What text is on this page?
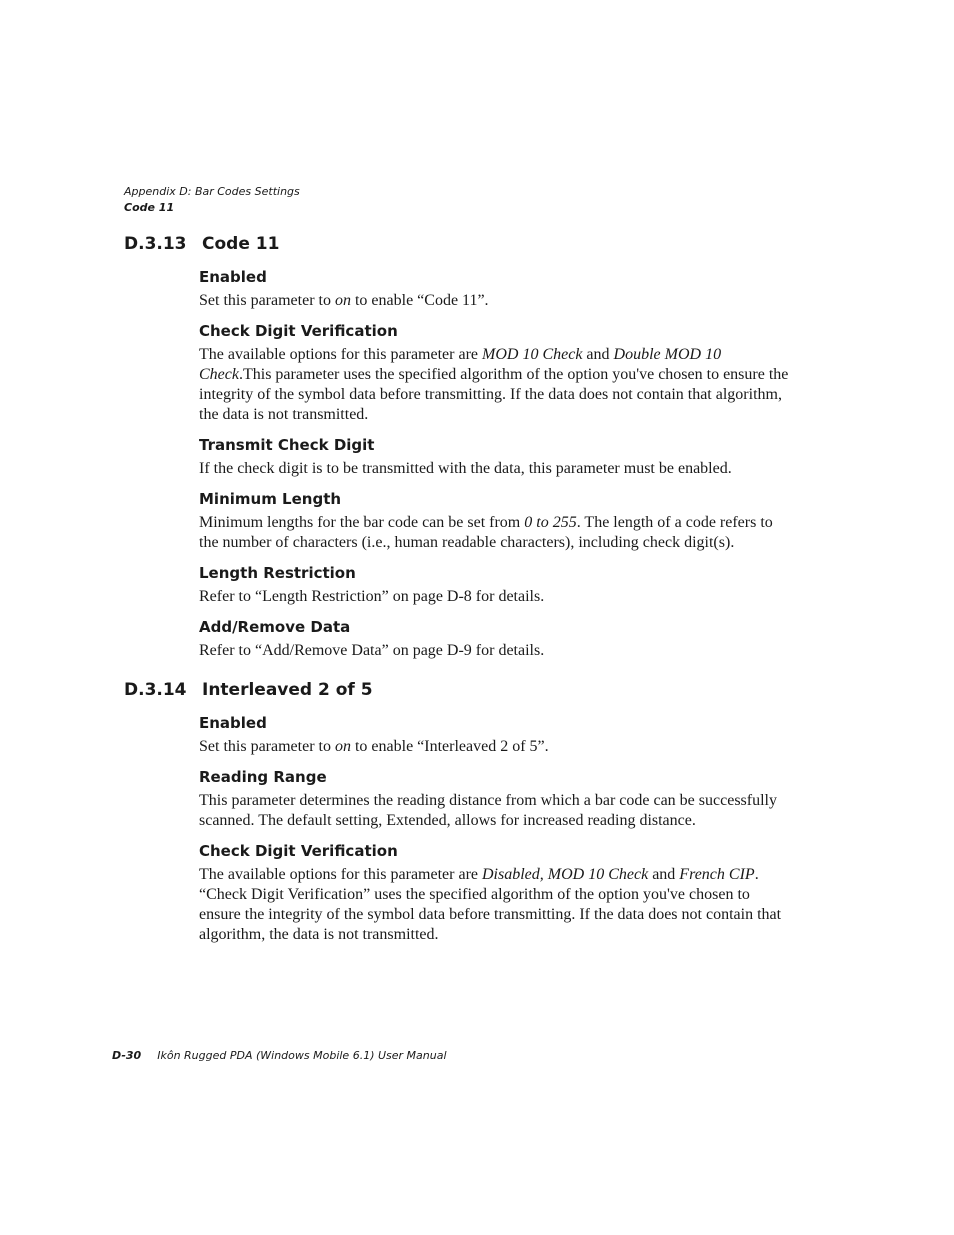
Appendix D: Bar Codes Settings
Code 11
D.3.13 Code 11
Enabled

Set this parameter to on to enable “Code 11”.

Check Digit Verification

The available options for this parameter are MOD 10 Check and Double MOD 10
Check.This parameter uses the specified algorithm of the option you've chosen to ensure the
integrity of the symbol data before transmitting. If the data does not contain that algorithm,
the data is not transmitted.

Transmit Check Digit

If the check digit is to be transmitted with the data, this parameter must be enabled.

Minimum Length

Minimum lengths for the bar code can be set from 0 to 255. The length of a code refers to
the number of characters (i.e., human readable characters), including check digit(s).

Length Restriction

Refer to “Length Restriction” on page D-8 for details.

Add/Remove Data

Refer to “Add/Remove Data” on page D-9 for details.

D.3.14 Interleaved 2 of 5
Enabled

Set this parameter to on to enable “Interleaved 2 of 5”.

Reading Range

This parameter determines the reading distance from which a bar code can be successfully
scanned. The default setting, Extended, allows for increased reading distance.

Check Digit Verification

The available options for this parameter are Disabled, MOD 10 Check and French CIP.
“Check Digit Verification” uses the specified algorithm of the option you've chosen to
ensure the integrity of the symbol data before transmitting. If the data does not contain that
algorithm, the data is not transmitted.

D-30 Ikôn Rugged PDA (Windows Mobile 6.1) User Manual
